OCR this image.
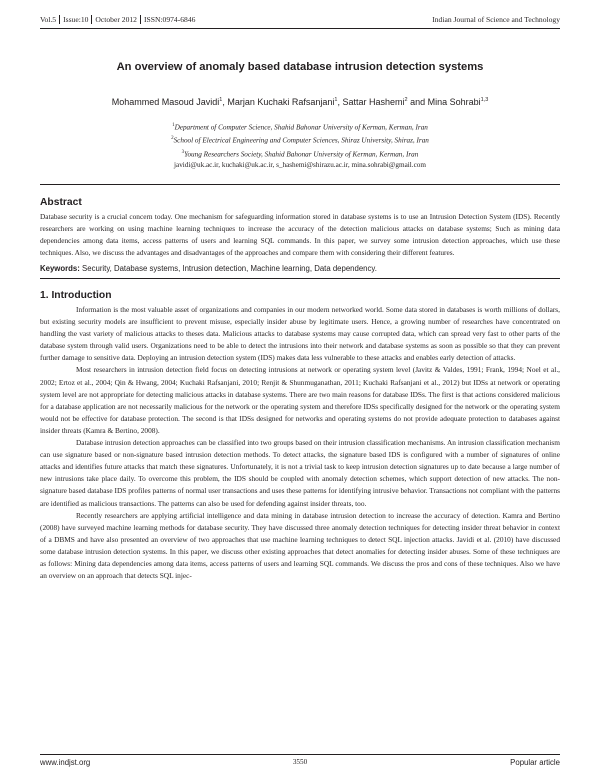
Vol.5 Issue:10 October 2012 ISSN:0974-6846	Indian Journal of Science and Technology
An overview of anomaly based database intrusion detection systems
Mohammed Masoud Javidi$^1$, Marjan Kuchaki Rafsanjani$^1$, Sattar Hashemi$^2$ and Mina Sohrabi$^{1,3}$
$^1$Department of Computer Science, Shahid Bahonar University of Kerman, Kerman, Iran
$^2$School of Electrical Engineering and Computer Sciences, Shiraz University, Shiraz, Iran
$^3$Young Researchers Society, Shahid Bahonar University of Kerman, Kerman, Iran
javidi@uk.ac.ir, kuchaki@uk.ac.ir, s_hashemi@shirazu.ac.ir, mina.sohrabi@gmail.com
Abstract

Database security is a crucial concern today. One mechanism for safeguarding information stored in database systems is to use an Intrusion Detection System (IDS). Recently researchers are working on using machine learning techniques to increase the accuracy of the detection malicious attacks on database systems; Such as mining data dependencies among data items, access patterns of users and learning SQL commands. In this paper, we survey some intrusion detection approaches, which use these techniques. Also, we discuss the advantages and disadvantages of the approaches and compare them with considering their different features.

Keywords: Security, Database systems, Intrusion detection, Machine learning, Data dependency.
1. Introduction

Information is the most valuable asset of organizations and companies in our modern networked world. Some data stored in databases is worth millions of dollars, but existing security models are insufficient to prevent misuse, especially insider abuse by legitimate users. Hence, a growing number of researches have concentrated on handling the vast variety of malicious attacks to theses data. Malicious attacks to database systems may cause corrupted data, which can spread very fast to other parts of the database system through valid users. Organizations need to be able to detect the intrusions into their network and database systems as soon as possible so that they can prevent further damage to sensitive data. Deploying an intrusion detection system (IDS) makes data less vulnerable to these attacks and enables early detection of attacks.

Most researchers in intrusion detection field focus on detecting intrusions at network or operating system level (Javitz & Valdes, 1991; Frank, 1994; Noel et al., 2002; Ertoz et al., 2004; Qin & Hwang, 2004; Kuchaki Rafsanjani, 2010; Renjit & Shunmuganathan, 2011; Kuchaki Rafsanjani et al., 2012) but IDSs at network or operating system level are not appropriate for detecting malicious attacks in database systems. There are two main reasons for database IDSs. The first is that actions considered malicious for a database application are not necessarily malicious for the network or the operating system and therefore IDSs specifically designed for the network or the operating system would not be effective for database protection. The second is that IDSs designed for networks and operating systems do not provide adequate protection to databases against insider threats (Kamra & Bertino, 2008).

Database intrusion detection approaches can be classified into two groups based on their intrusion classification mechanisms. An intrusion classification mechanism can use signature based or non-signature based intrusion detection methods. To detect attacks, the signature based IDS is configured with a number of signatures of online attacks and identifies future attacks that match these signatures. Unfortunately, it is not a trivial task to keep intrusion detection signatures up to date because a large number of new intrusions take place daily. To overcome this problem, the IDS should be coupled with anomaly detection schemes, which support detection of new attacks. The non-signature based database IDS profiles patterns of normal user transactions and uses these patterns for identifying intrusive behavior. Transactions not compliant with the patterns are identified as malicious transactions. The patterns can also be used for defending against insider threats, too.

Recently researchers are applying artificial intelligence and data mining in database intrusion detection to increase the accuracy of detection. Kamra and Bertino (2008) have surveyed machine learning methods for database security. They have discussed three anomaly detection techniques for detecting insider threat behavior in context of a DBMS and have also presented an overview of two approaches that use machine learning techniques to detect SQL injection attacks. Javidi et al. (2010) have discussed some database intrusion detection systems. In this paper, we discuss other existing approaches that detect anomalies for detecting insider abuses. Some of these techniques are as follows: Mining data dependencies among data items, access patterns of users and learning SQL commands. We discuss the pros and cons of these techniques. Also we have an overview on an approach that detects SQL injec-

www.indjst.org	3550	Popular article
